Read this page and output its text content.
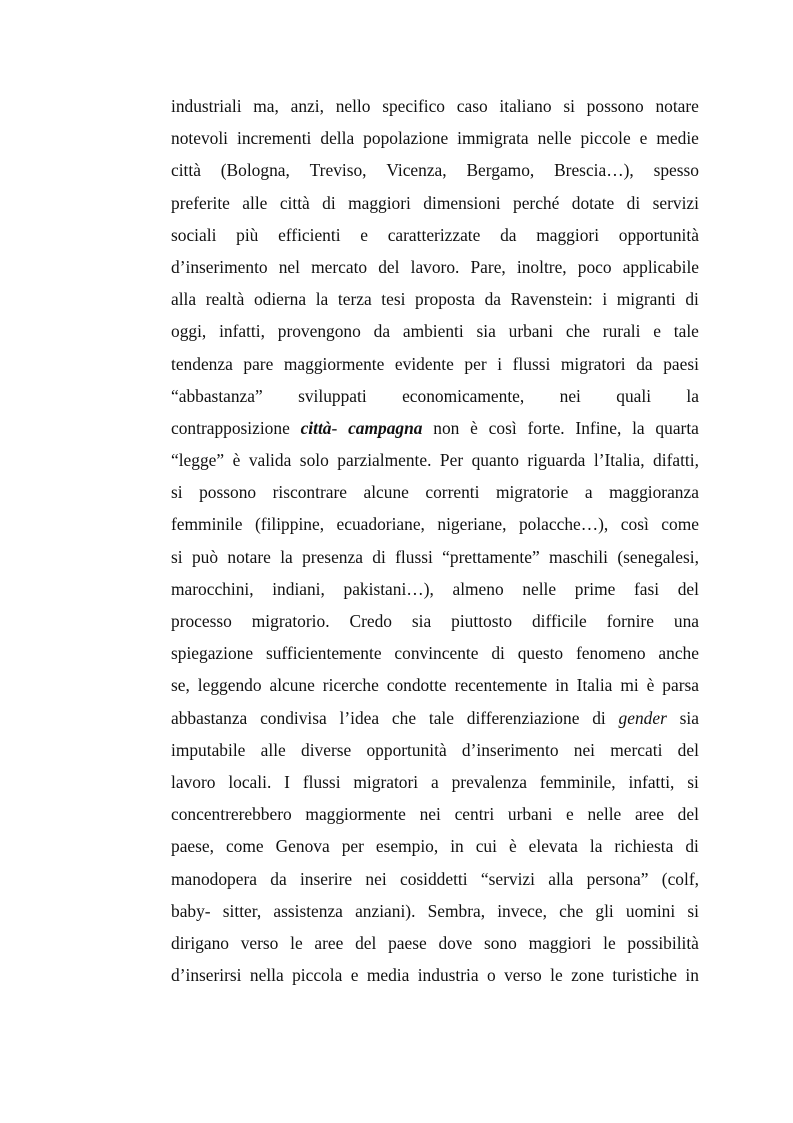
industriali ma, anzi, nello specifico caso italiano si possono notare
notevoli incrementi della popolazione immigrata nelle piccole e medie
città (Bologna, Treviso, Vicenza, Bergamo, Brescia…), spesso
preferite alle città di maggiori dimensioni perché dotate di servizi
sociali più efficienti e caratterizzate da maggiori opportunità
d’inserimento nel mercato del lavoro. Pare, inoltre, poco applicabile
alla realtà odierna la terza tesi proposta da Ravenstein: i migranti di
oggi, infatti, provengono da ambienti sia urbani che rurali e tale
tendenza pare maggiormente evidente per i flussi migratori da paesi
“abbastanza” sviluppati economicamente, nei quali la
contrapposizione città- campagna non è così forte. Infine, la quarta
“legge” è valida solo parzialmente. Per quanto riguarda l’Italia, difatti,
si possono riscontrare alcune correnti migratorie a maggioranza
femminile (filippine, ecuadoriane, nigeriane, polacche…), così come
si può notare la presenza di flussi “prettamente” maschili (senegalesi,
marocchini, indiani, pakistani…), almeno nelle prime fasi del
processo migratorio. Credo sia piuttosto difficile fornire una
spiegazione sufficientemente convincente di questo fenomeno anche
se, leggendo alcune ricerche condotte recentemente in Italia mi è parsa
abbastanza condivisa l’idea che tale differenziazione di gender sia
imputabile alle diverse opportunità d’inserimento nei mercati del
lavoro locali. I flussi migratori a prevalenza femminile, infatti, si
concentrerebbero maggiormente nei centri urbani e nelle aree del
paese, come Genova per esempio, in cui è elevata la richiesta di
manodopera da inserire nei cosiddetti “servizi alla persona” (colf,
baby- sitter, assistenza anziani). Sembra, invece, che gli uomini si
dirigano verso le aree del paese dove sono maggiori le possibilità
d’inserirsi nella piccola e media industria o verso le zone turistiche in
